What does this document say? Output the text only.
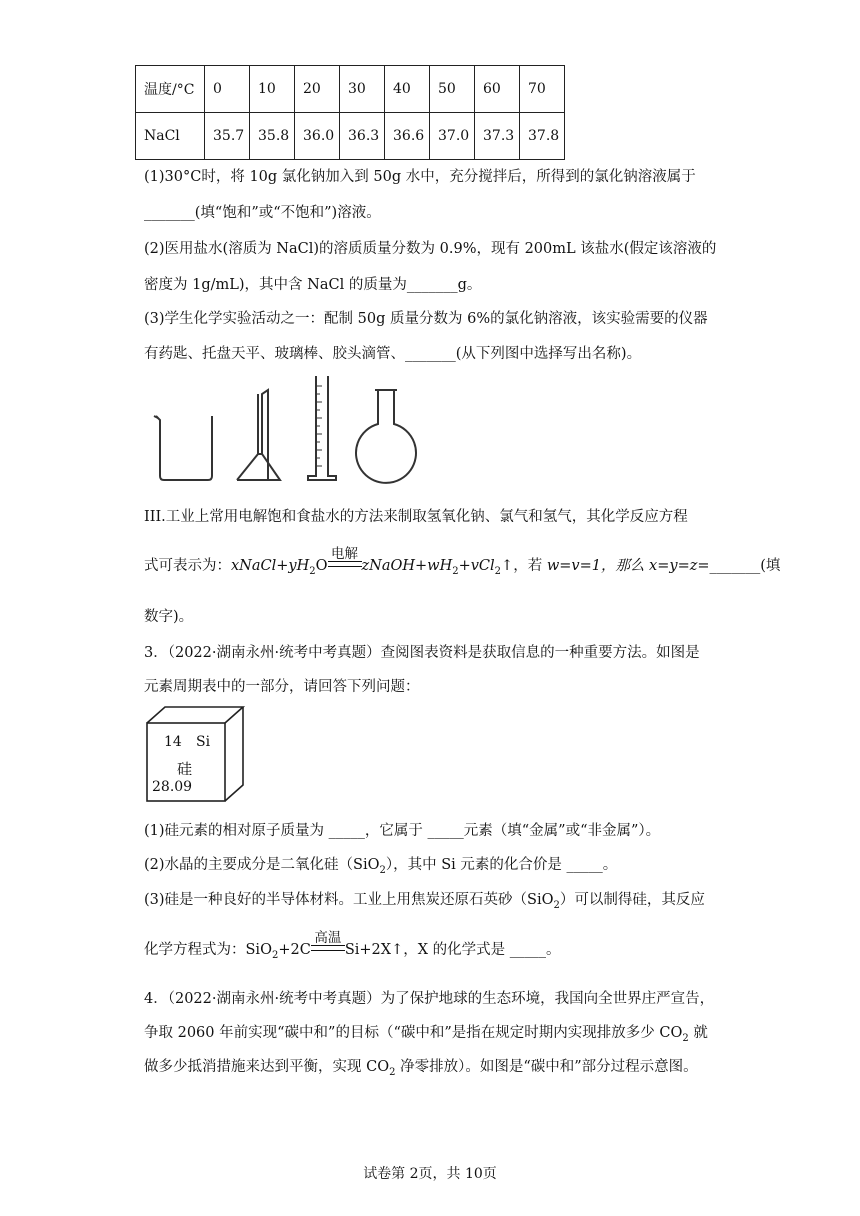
温度/°C	0	10	20	30	40	50	60	70
NaCl	35.7	35.8	36.0	36.3	36.6	37.0	37.3	37.8
(1)30°C时，将 10g 氯化钠加入到 50g 水中，充分搅拌后，所得到的氯化钠溶液属于
_______(填“饱和”或“不饱和”)溶液。
(2)医用盐水(溶质为 NaCl)的溶质质量分数为 0.9%，现有 200mL 该盐水(假定该溶液的
密度为 1g/mL)，其中含 NaCl 的质量为_______g。
(3)学生化学实验活动之一：配制 50g 质量分数为 6%的氯化钠溶液，该实验需要的仪器
有药匙、托盘天平、玻璃棒、胶头滴管、_______(从下列图中选择写出名称)。
III.工业上常用电解饱和食盐水的方法来制取氢氧化钠、氯气和氢气，其化学反应方程
式可表示为：$xNaCl+yH_2O$
电解
$zNaOH+wH_2+vCl_2↑$，若 w=v=1，那么 x=y=z=_______(填
数字)。
3．（2022·湖南永州·统考中考真题）查阅图表资料是获取信息的一种重要方法。如图是
元素周期表中的一部分，请回答下列问题：
14 Si
硅
28.09
(1)硅元素的相对原子质量为 _____，它属于 _____元素（填“金属”或“非金属”）。
(2)水晶的主要成分是二氧化硅（SiO$_2$），其中 Si 元素的化合价是 _____。
(3)硅是一种良好的半导体材料。工业上用焦炭还原石英砂（SiO$_2$）可以制得硅，其反应
化学方程式为：SiO$_2$+2C
高温
Si+2X↑，X 的化学式是 _____。
4．（2022·湖南永州·统考中考真题）为了保护地球的生态环境，我国向全世界庄严宣告，
争取 2060 年前实现“碳中和”的目标（“碳中和”是指在规定时期内实现排放多少 $CO_2$ 就
做多少抵消措施来达到平衡，实现 $CO_2$ 净零排放）。如图是“碳中和”部分过程示意图。
试卷第 2页，共 10页
